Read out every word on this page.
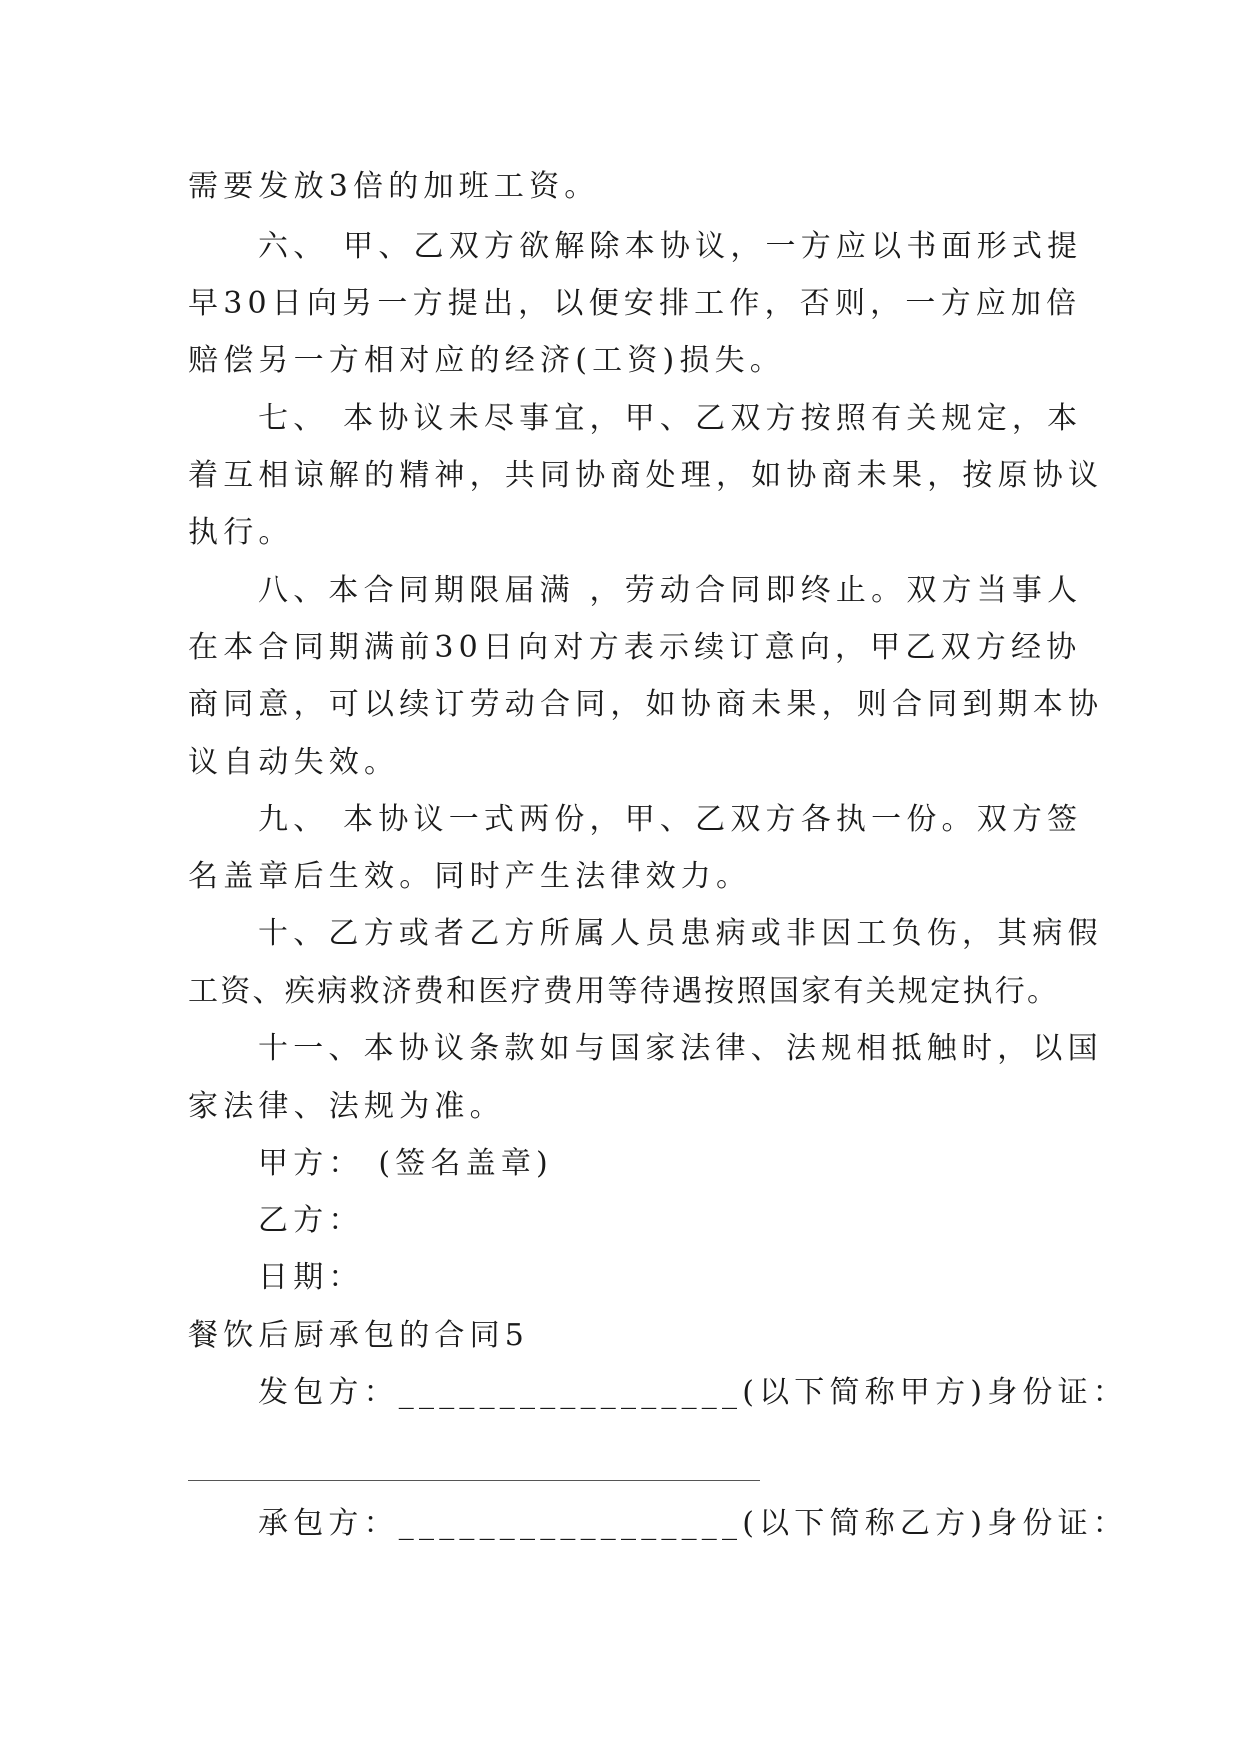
需要发放3倍的加班工资。
六、 甲、乙双方欲解除本协议，一方应以书面形式提
早30日向另一方提出，以便安排工作，否则，一方应加倍
赔偿另一方相对应的经济(工资)损失。
七、 本协议未尽事宜，甲、乙双方按照有关规定，本
着互相谅解的精神，共同协商处理，如协商未果，按原协议
执行。
八、本合同期限届满 ，劳动合同即终止。双方当事人
在本合同期满前30日向对方表示续订意向，甲乙双方经协
商同意，可以续订劳动合同，如协商未果，则合同到期本协
议自动失效。
九、 本协议一式两份，甲、乙双方各执一份。双方签
名盖章后生效。同时产生法律效力。
十、乙方或者乙方所属人员患病或非因工负伤，其病假
工资、疾病救济费和医疗费用等待遇按照国家有关规定执行。
十一、本协议条款如与国家法律、法规相抵触时，以国
家法律、法规为准。
甲方： (签名盖章)
乙方：
日期：
餐饮后厨承包的合同5
发包方：_________________(以下简称甲方)身份证：
承包方：_________________(以下简称乙方)身份证：
